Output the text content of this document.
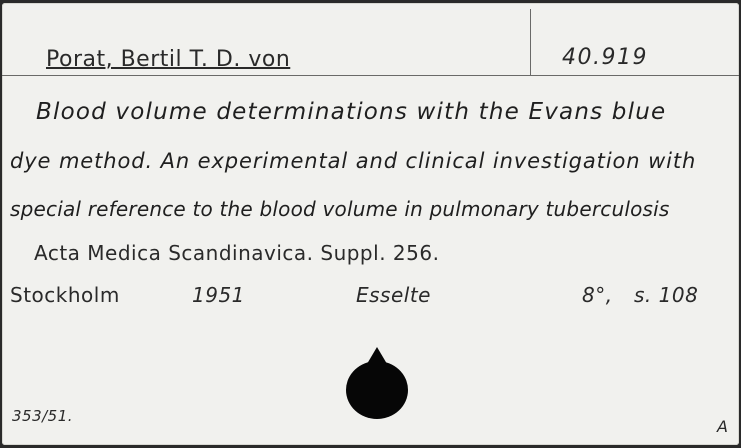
Porat, Bertil T. D. von	40.919
Blood volume determinations with the Evans blue
dye method. An experimental and clinical investigation with
special reference to the blood volume in pulmonary tuberculosis
Acta Medica Scandinavica. Suppl. 256.
Stockholm	1951	Esselte	8°, s. 108
353/51.
A
